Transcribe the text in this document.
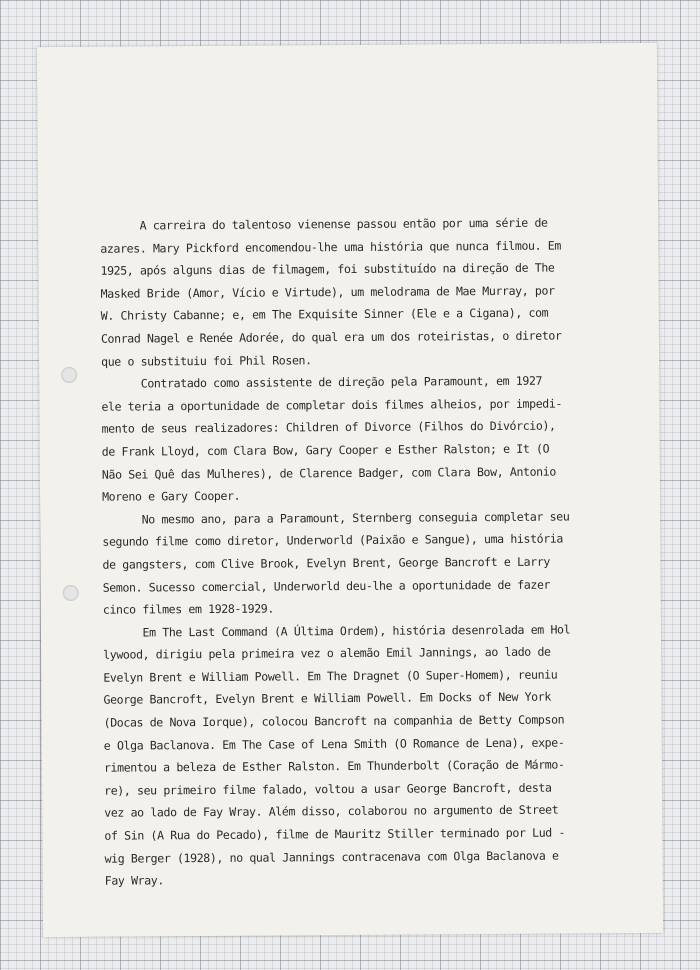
A carreira do talentoso vienense passou então por uma série de
azares. Mary Pickford encomendou-lhe uma história que nunca filmou. Em
1925, após alguns dias de filmagem, foi substituído na direção de The
Masked Bride (Amor, Vício e Virtude), um melodrama de Mae Murray, por
W. Christy Cabanne; e, em The Exquisite Sinner (Ele e a Cigana), com
Conrad Nagel e Renée Adorée, do qual era um dos roteiristas, o diretor
que o substituiu foi Phil Rosen.
Contratado como assistente de direção pela Paramount, em 1927
ele teria a oportunidade de completar dois filmes alheios, por impedi-
mento de seus realizadores: Children of Divorce (Filhos do Divórcio),
de Frank Lloyd, com Clara Bow, Gary Cooper e Esther Ralston; e It (O
Não Sei Quê das Mulheres), de Clarence Badger, com Clara Bow, Antonio
Moreno e Gary Cooper.
No mesmo ano, para a Paramount, Sternberg conseguia completar seu
segundo filme como diretor, Underworld (Paixão e Sangue), uma história
de gangsters, com Clive Brook, Evelyn Brent, George Bancroft e Larry
Semon. Sucesso comercial, Underworld deu-lhe a oportunidade de fazer
cinco filmes em 1928-1929.
Em The Last Command (A Última Ordem), história desenrolada em Hol
lywood, dirigiu pela primeira vez o alemão Emil Jannings, ao lado de
Evelyn Brent e William Powell. Em The Dragnet (O Super-Homem), reuniu
George Bancroft, Evelyn Brent e William Powell. Em Docks of New York
(Docas de Nova Iorque), colocou Bancroft na companhia de Betty Compson
e Olga Baclanova. Em The Case of Lena Smith (O Romance de Lena), expe-
rimentou a beleza de Esther Ralston. Em Thunderbolt (Coração de Mármo-
re), seu primeiro filme falado, voltou a usar George Bancroft, desta
vez ao lado de Fay Wray. Além disso, colaborou no argumento de Street
of Sin (A Rua do Pecado), filme de Mauritz Stiller terminado por Lud -
wig Berger (1928), no qual Jannings contracenava com Olga Baclanova e
Fay Wray.
